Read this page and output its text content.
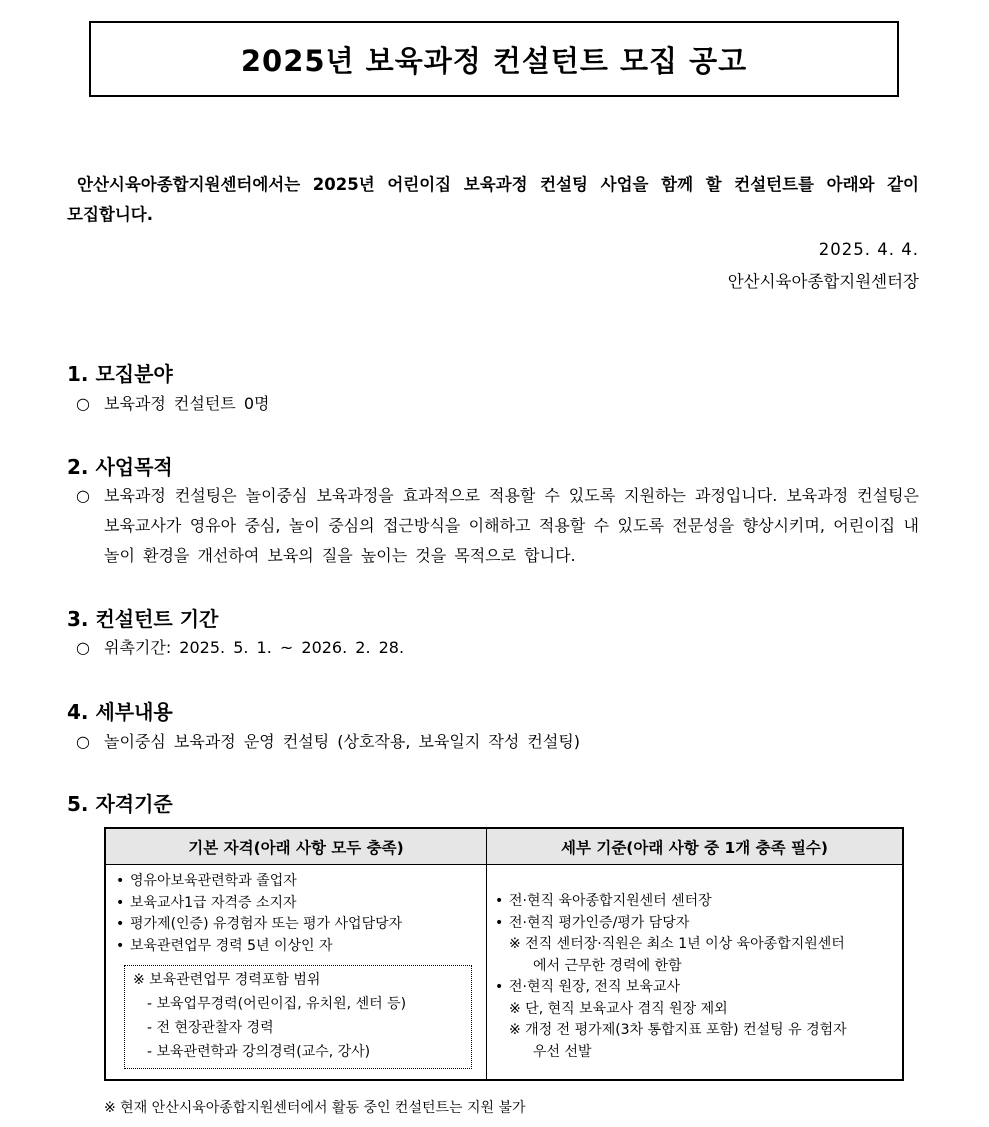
2025년 보육과정 컨설턴트 모집 공고

안산시육아종합지원센터에서는 2025년 어린이집 보육과정 컨설팅 사업을 함께 할 컨설턴트를 아래와 같이 모집합니다.

2025. 4. 4.
안산시육아종합지원센터장
1. 모집분야
○ 보육과정 컨설턴트 0명
2. 사업목적
○ 보육과정 컨설팅은 놀이중심 보육과정을 효과적으로 적용할 수 있도록 지원하는 과정입니다. 보육과정 컨설팅은 보육교사가 영유아 중심, 놀이 중심의 접근방식을 이해하고 적용할 수 있도록 전문성을 향상시키며, 어린이집 내 놀이 환경을 개선하여 보육의 질을 높이는 것을 목적으로 합니다.
3. 컨설턴트 기간
○ 위촉기간: 2025. 5. 1. ~ 2026. 2. 28.
4. 세부내용
○ 놀이중심 보육과정 운영 컨설팅 (상호작용, 보육일지 작성 컨설팅)
5. 자격기준
기본 자격(아래 사항 모두 충족)	세부 기준(아래 사항 중 1개 충족 필수)
• 영유아보육관련학과 졸업자
• 보육교사1급 자격증 소지자
• 평가제(인증) 유경험자 또는 평가 사업담당자
• 보육관련업무 경력 5년 이상인 자
※ 보육관련업무 경력포함 범위
- 보육업무경력(어린이집, 유치원, 센터 등)
- 전 현장관찰자 경력
- 보육관련학과 강의경력(교수, 강사)
• 전·현직 육아종합지원센터 센터장
• 전·현직 평가인증/평가 담당자
※ 전직 센터장·직원은 최소 1년 이상 육아종합지원센터
에서 근무한 경력에 한함
• 전·현직 원장, 전직 보육교사
※ 단, 현직 보육교사 겸직 원장 제외
※ 개정 전 평가제(3차 통합지표 포함) 컨설팅 유 경험자
우선 선발
※ 현재 안산시육아종합지원센터에서 활동 중인 컨설턴트는 지원 불가
